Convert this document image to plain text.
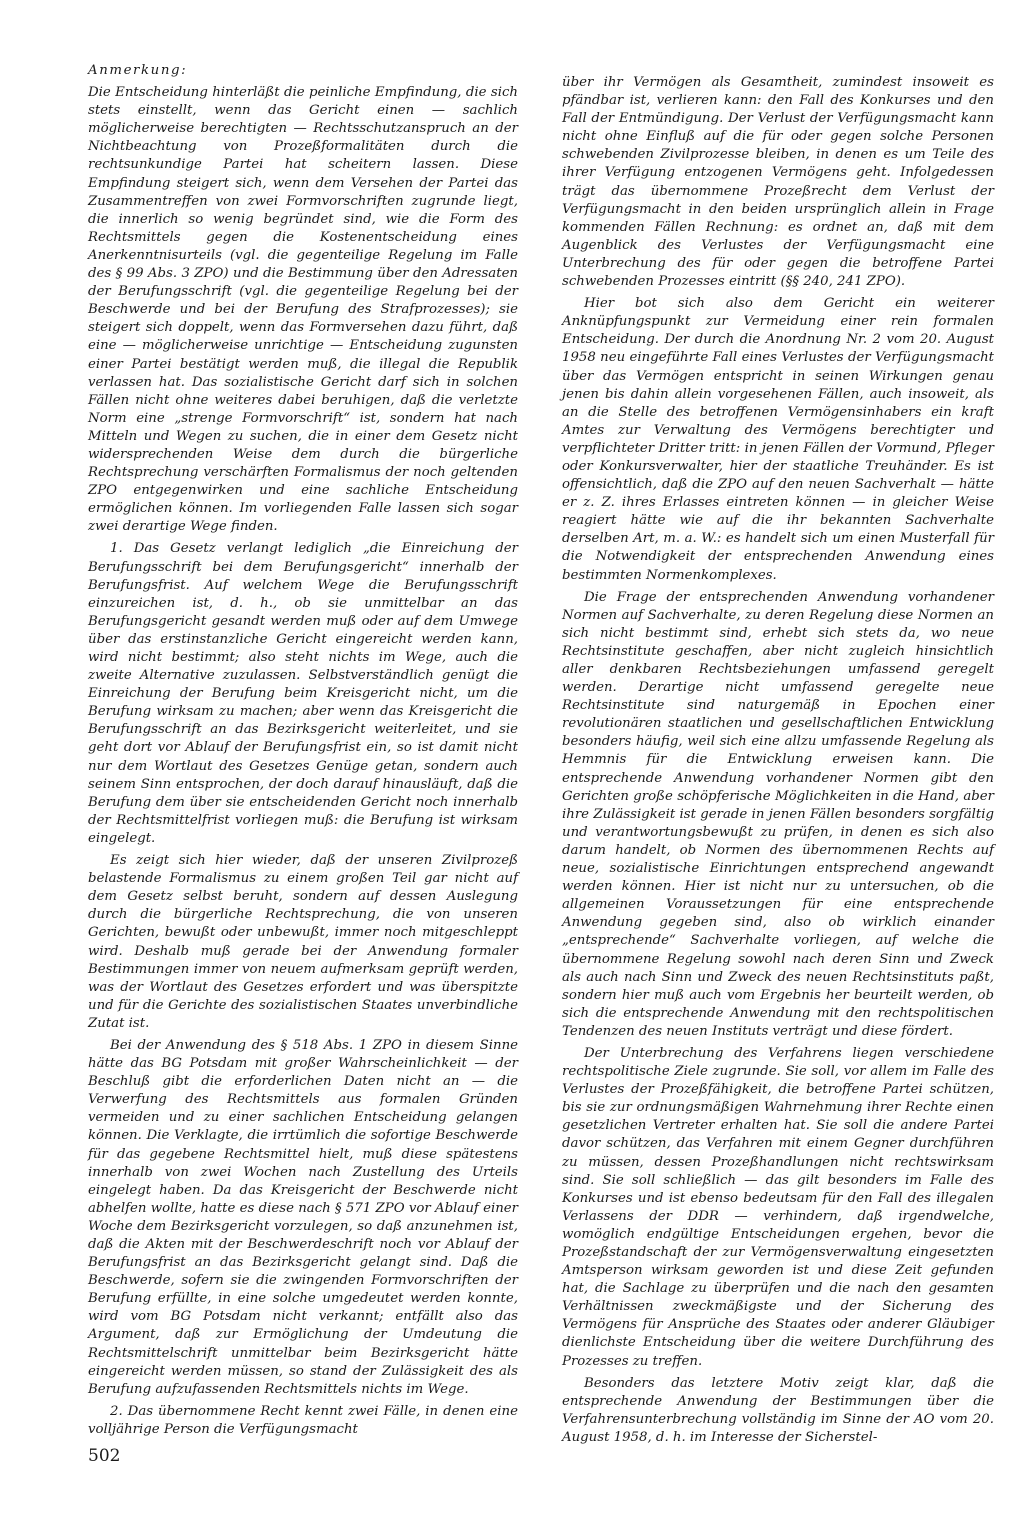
Anmerkung:

Die Entscheidung hinterläßt die peinliche Empfindung, die sich stets einstellt, wenn das Gericht einen — sachlich möglicherweise berechtigten — Rechtsschutzanspruch an der Nichtbeachtung von Prozeßformalitäten durch die rechtsunkundige Partei hat scheitern lassen. Diese Empfindung steigert sich, wenn dem Versehen der Partei das Zusammentreffen von zwei Formvorschriften zugrunde liegt, die innerlich so wenig begründet sind, wie die Form des Rechtsmittels gegen die Kostenentscheidung eines Anerkenntnisurteils (vgl. die gegenteilige Regelung im Falle des § 99 Abs. 3 ZPO) und die Bestimmung über den Adressaten der Berufungsschrift (vgl. die gegenteilige Regelung bei der Beschwerde und bei der Berufung des Strafprozesses); sie steigert sich doppelt, wenn das Formversehen dazu führt, daß eine — möglicherweise unrichtige — Entscheidung zugunsten einer Partei bestätigt werden muß, die illegal die Republik verlassen hat. Das sozialistische Gericht darf sich in solchen Fällen nicht ohne weiteres dabei beruhigen, daß die verletzte Norm eine „strenge Formvorschrift“ ist, sondern hat nach Mitteln und Wegen zu suchen, die in einer dem Gesetz nicht widersprechenden Weise dem durch die bürgerliche Rechtsprechung verschärften Formalismus der noch geltenden ZPO entgegenwirken und eine sachliche Entscheidung ermöglichen können. Im vorliegenden Falle lassen sich sogar zwei derartige Wege finden.

1. Das Gesetz verlangt lediglich „die Einreichung der Berufungsschrift bei dem Berufungsgericht“ innerhalb der Berufungsfrist. Auf welchem Wege die Berufungsschrift einzureichen ist, d. h., ob sie unmittelbar an das Berufungsgericht gesandt werden muß oder auf dem Umwege über das erstinstanzliche Gericht eingereicht werden kann, wird nicht bestimmt; also steht nichts im Wege, auch die zweite Alternative zuzulassen. Selbstverständlich genügt die Einreichung der Berufung beim Kreisgericht nicht, um die Berufung wirksam zu machen; aber wenn das Kreisgericht die Berufungsschrift an das Bezirksgericht weiterleitet, und sie geht dort vor Ablauf der Berufungsfrist ein, so ist damit nicht nur dem Wortlaut des Gesetzes Genüge getan, sondern auch seinem Sinn entsprochen, der doch darauf hinausläuft, daß die Berufung dem über sie entscheidenden Gericht noch innerhalb der Rechtsmittelfrist vorliegen muß: die Berufung ist wirksam eingelegt.

Es zeigt sich hier wieder, daß der unseren Zivilprozeß belastende Formalismus zu einem großen Teil gar nicht auf dem Gesetz selbst beruht, sondern auf dessen Auslegung durch die bürgerliche Rechtsprechung, die von unseren Gerichten, bewußt oder unbewußt, immer noch mitgeschleppt wird. Deshalb muß gerade bei der Anwendung formaler Bestimmungen immer von neuem aufmerksam geprüft werden, was der Wortlaut des Gesetzes erfordert und was überspitzte und für die Gerichte des sozialistischen Staates unverbindliche Zutat ist.

Bei der Anwendung des § 518 Abs. 1 ZPO in diesem Sinne hätte das BG Potsdam mit großer Wahrscheinlichkeit — der Beschluß gibt die erforderlichen Daten nicht an — die Verwerfung des Rechtsmittels aus formalen Gründen vermeiden und zu einer sachlichen Entscheidung gelangen können. Die Verklagte, die irrtümlich die sofortige Beschwerde für das gegebene Rechtsmittel hielt, muß diese spätestens innerhalb von zwei Wochen nach Zustellung des Urteils eingelegt haben. Da das Kreisgericht der Beschwerde nicht abhelfen wollte, hatte es diese nach § 571 ZPO vor Ablauf einer Woche dem Bezirksgericht vorzulegen, so daß anzunehmen ist, daß die Akten mit der Beschwerdeschrift noch vor Ablauf der Berufungsfrist an das Bezirksgericht gelangt sind. Daß die Beschwerde, sofern sie die zwingenden Formvorschriften der Berufung erfüllte, in eine solche umgedeutet werden konnte, wird vom BG Potsdam nicht verkannt; entfällt also das Argument, daß zur Ermöglichung der Umdeutung die Rechtsmittelschrift unmittelbar beim Bezirksgericht hätte eingereicht werden müssen, so stand der Zulässigkeit des als Berufung aufzufassenden Rechtsmittels nichts im Wege.

2. Das übernommene Recht kennt zwei Fälle, in denen eine volljährige Person die Verfügungsmacht

über ihr Vermögen als Gesamtheit, zumindest insoweit es pfändbar ist, verlieren kann: den Fall des Konkurses und den Fall der Entmündigung. Der Verlust der Verfügungsmacht kann nicht ohne Einfluß auf die für oder gegen solche Personen schwebenden Zivilprozesse bleiben, in denen es um Teile des ihrer Verfügung entzogenen Vermögens geht. Infolgedessen trägt das übernommene Prozeßrecht dem Verlust der Verfügungsmacht in den beiden ursprünglich allein in Frage kommenden Fällen Rechnung: es ordnet an, daß mit dem Augenblick des Verlustes der Verfügungsmacht eine Unterbrechung des für oder gegen die betroffene Partei schwebenden Prozesses eintritt (§§ 240, 241 ZPO).

Hier bot sich also dem Gericht ein weiterer Anknüpfungspunkt zur Vermeidung einer rein formalen Entscheidung. Der durch die Anordnung Nr. 2 vom 20. August 1958 neu eingeführte Fall eines Verlustes der Verfügungsmacht über das Vermögen entspricht in seinen Wirkungen genau jenen bis dahin allein vorgesehenen Fällen, auch insoweit, als an die Stelle des betroffenen Vermögensinhabers ein kraft Amtes zur Verwaltung des Vermögens berechtigter und verpflichteter Dritter tritt: in jenen Fällen der Vormund, Pfleger oder Konkursverwalter, hier der staatliche Treuhänder. Es ist offensichtlich, daß die ZPO auf den neuen Sachverhalt — hätte er z. Z. ihres Erlasses eintreten können — in gleicher Weise reagiert hätte wie auf die ihr bekannten Sachverhalte derselben Art, m. a. W.: es handelt sich um einen Musterfall für die Notwendigkeit der entsprechenden Anwendung eines bestimmten Normenkomplexes.

Die Frage der entsprechenden Anwendung vorhandener Normen auf Sachverhalte, zu deren Regelung diese Normen an sich nicht bestimmt sind, erhebt sich stets da, wo neue Rechtsinstitute geschaffen, aber nicht zugleich hinsichtlich aller denkbaren Rechtsbeziehungen umfassend geregelt werden. Derartige nicht umfassend geregelte neue Rechtsinstitute sind naturgemäß in Epochen einer revolutionären staatlichen und gesellschaftlichen Entwicklung besonders häufig, weil sich eine allzu umfassende Regelung als Hemmnis für die Entwicklung erweisen kann. Die entsprechende Anwendung vorhandener Normen gibt den Gerichten große schöpferische Möglichkeiten in die Hand, aber ihre Zulässigkeit ist gerade in jenen Fällen besonders sorgfältig und verantwortungsbewußt zu prüfen, in denen es sich also darum handelt, ob Normen des übernommenen Rechts auf neue, sozialistische Einrichtungen entsprechend angewandt werden können. Hier ist nicht nur zu untersuchen, ob die allgemeinen Voraussetzungen für eine entsprechende Anwendung gegeben sind, also ob wirklich einander „entsprechende“ Sachverhalte vorliegen, auf welche die übernommene Regelung sowohl nach deren Sinn und Zweck als auch nach Sinn und Zweck des neuen Rechtsinstituts paßt, sondern hier muß auch vom Ergebnis her beurteilt werden, ob sich die entsprechende Anwendung mit den rechtspolitischen Tendenzen des neuen Instituts verträgt und diese fördert.

Der Unterbrechung des Verfahrens liegen verschiedene rechtspolitische Ziele zugrunde. Sie soll, vor allem im Falle des Verlustes der Prozeßfähigkeit, die betroffene Partei schützen, bis sie zur ordnungsmäßigen Wahrnehmung ihrer Rechte einen gesetzlichen Vertreter erhalten hat. Sie soll die andere Partei davor schützen, das Verfahren mit einem Gegner durchführen zu müssen, dessen Prozeßhandlungen nicht rechtswirksam sind. Sie soll schließlich — das gilt besonders im Falle des Konkurses und ist ebenso bedeutsam für den Fall des illegalen Verlassens der DDR — verhindern, daß irgendwelche, womöglich endgültige Entscheidungen ergehen, bevor die Prozeßstandschaft der zur Vermögensverwaltung eingesetzten Amtsperson wirksam geworden ist und diese Zeit gefunden hat, die Sachlage zu überprüfen und die nach den gesamten Verhältnissen zweckmäßigste und der Sicherung des Vermögens für Ansprüche des Staates oder anderer Gläubiger dienlichste Entscheidung über die weitere Durchführung des Prozesses zu treffen.

Besonders das letztere Motiv zeigt klar, daß die entsprechende Anwendung der Bestimmungen über die Verfahrensunterbrechung vollständig im Sinne der AO vom 20. August 1958, d. h. im Interesse der Sicherstel-

502
